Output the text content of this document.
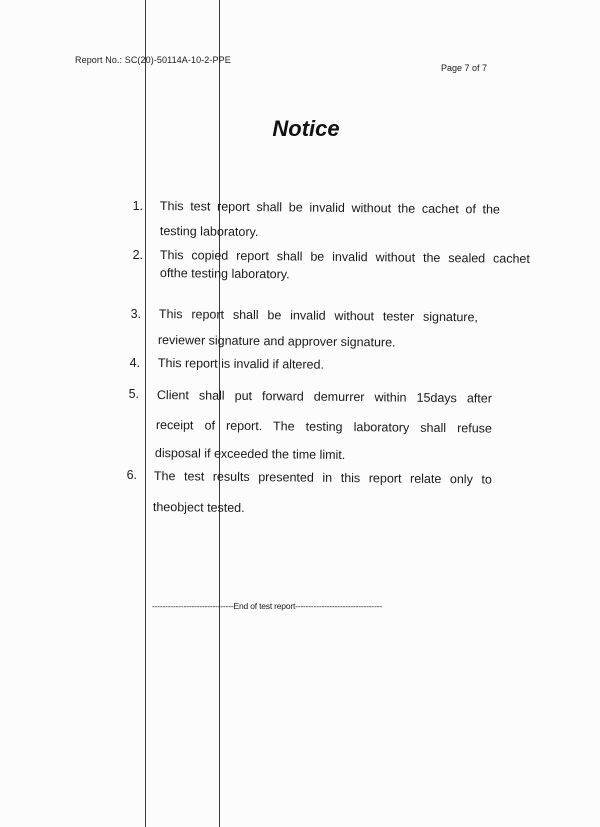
Report No.: SC(20)-50114A-10-2-PPE
Page 7 of 7
Notice
1. This test report shall be invalid without the cachet of the
testing laboratory.
2. This copied report shall be invalid without the sealed cachet
ofthe testing laboratory.
3. This report shall be invalid without tester signature,
reviewer signature and approver signature.
4. This report is invalid if altered.
5. Client shall put forward demurrer within 15days after
receipt of report. The testing laboratory shall refuse
disposal if exceeded the time limit.
6. The test results presented in this report relate only to
theobject tested.
-------------------------------End of test report---------------------------------
